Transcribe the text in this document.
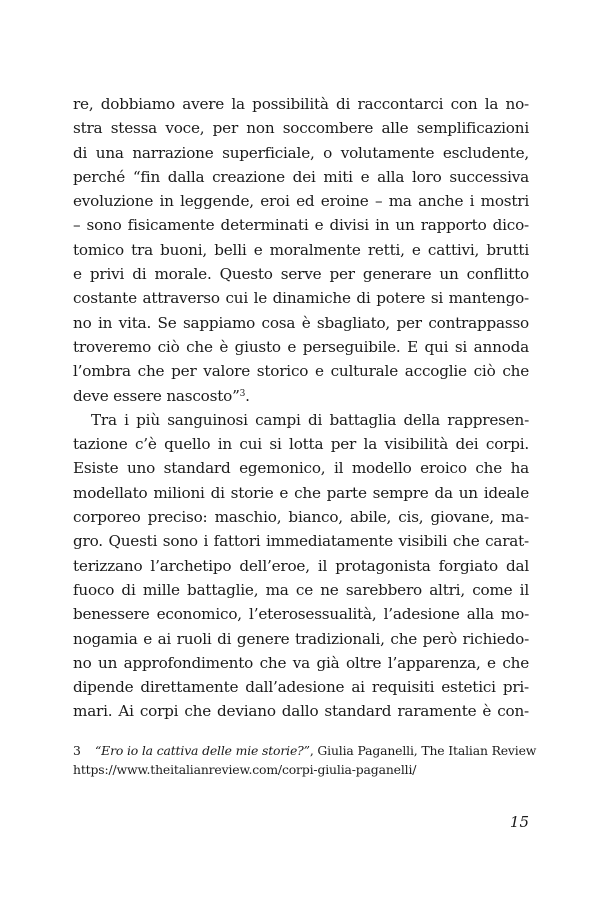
re, dobbiamo avere la possibilità di raccontarci con la no-
stra stessa voce, per non soccombere alle semplificazioni
di una narrazione superficiale, o volutamente escludente,
perché “fin dalla creazione dei miti e alla loro successiva
evoluzione in leggende, eroi ed eroine – ma anche i mostri
– sono fisicamente determinati e divisi in un rapporto dico-
tomico tra buoni, belli e moralmente retti, e cattivi, brutti
e privi di morale. Questo serve per generare un conflitto
costante attraverso cui le dinamiche di potere si mantengo-
no in vita. Se sappiamo cosa è sbagliato, per contrappasso
troveremo ciò che è giusto e perseguibile. E qui si annoda
l’ombra che per valore storico e culturale accoglie ciò che
deve essere nascosto”$^3$.
Tra i più sanguinosi campi di battaglia della rappresen-
tazione c’è quello in cui si lotta per la visibilità dei corpi.
Esiste uno standard egemonico, il modello eroico che ha
modellato milioni di storie e che parte sempre da un ideale
corporeo preciso: maschio, bianco, abile, cis, giovane, ma-
gro. Questi sono i fattori immediatamente visibili che carat-
terizzano l’archetipo dell’eroe, il protagonista forgiato dal
fuoco di mille battaglie, ma ce ne sarebbero altri, come il
benessere economico, l’eterosessualità, l’adesione alla mo-
nogamia e ai ruoli di genere tradizionali, che però richiedo-
no un approfondimento che va già oltre l’apparenza, e che
dipende direttamente dall’adesione ai requisiti estetici pri-
mari. Ai corpi che deviano dallo standard raramente è con-
3 “Ero io la cattiva delle mie storie?”, Giulia Paganelli, The Italian Review
https://www.theitalianreview.com/corpi-giulia-paganelli/
15
